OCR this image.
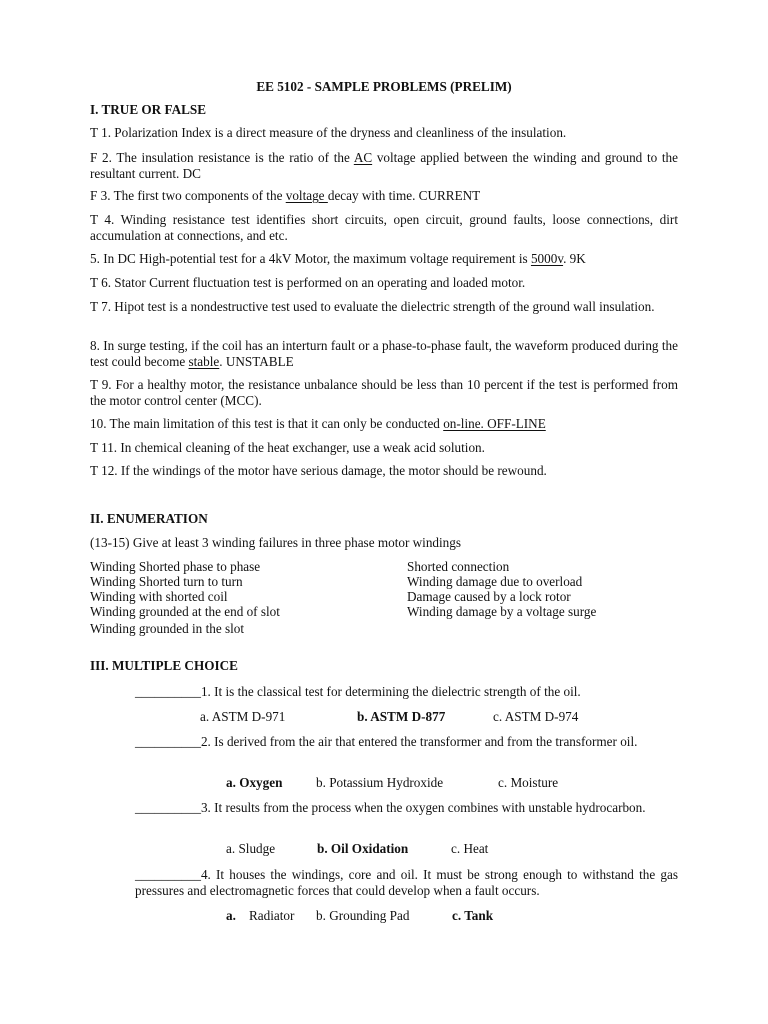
EE 5102 - SAMPLE PROBLEMS (PRELIM)

I. TRUE OR FALSE

T 1. Polarization Index is a direct measure of the dryness and cleanliness of the insulation.

F 2. The insulation resistance is the ratio of the AC voltage applied between the winding and ground to the resultant current. DC

F 3. The first two components of the voltage decay with time. CURRENT

T 4. Winding resistance test identifies short circuits, open circuit, ground faults, loose connections, dirt accumulation at connections, and etc.

5. In DC High-potential test for a 4kV Motor, the maximum voltage requirement is 5000v. 9K

T 6. Stator Current fluctuation test is performed on an operating and loaded motor.

T 7. Hipot test is a nondestructive test used to evaluate the dielectric strength of the ground wall insulation.

8. In surge testing, if the coil has an interturn fault or a phase-to-phase fault, the waveform produced during the test could become stable. UNSTABLE

T 9. For a healthy motor, the resistance unbalance should be less than 10 percent if the test is performed from the motor control center (MCC).

10. The main limitation of this test is that it can only be conducted on-line. OFF-LINE

T 11. In chemical cleaning of the heat exchanger, use a weak acid solution.

T 12. If the windings of the motor have serious damage, the motor should be rewound.

II. ENUMERATION

(13-15) Give at least 3 winding failures in three phase motor windings

Winding Shorted phase to phase
Winding Shorted turn to turn
Winding with shorted coil
Winding grounded at the end of slot
Winding grounded in the slot
Shorted connection
Winding damage due to overload
Damage caused by a lock rotor
Winding damage by a voltage surge

III. MULTIPLE CHOICE

__________1. It is the classical test for determining the dielectric strength of the oil.

a. ASTM D-971	b. ASTM D-877	c. ASTM D-974

__________2. Is derived from the air that entered the transformer and from the transformer oil.

a. Oxygen	b. Potassium Hydroxide	c. Moisture

__________3. It results from the process when the oxygen combines with unstable hydrocarbon.

a. Sludge	b. Oil Oxidation	c. Heat

__________4. It houses the windings, core and oil. It must be strong enough to withstand the gas pressures and electromagnetic forces that could develop when a fault occurs.

a. Radiator b. Grounding Pad	c. Tank
